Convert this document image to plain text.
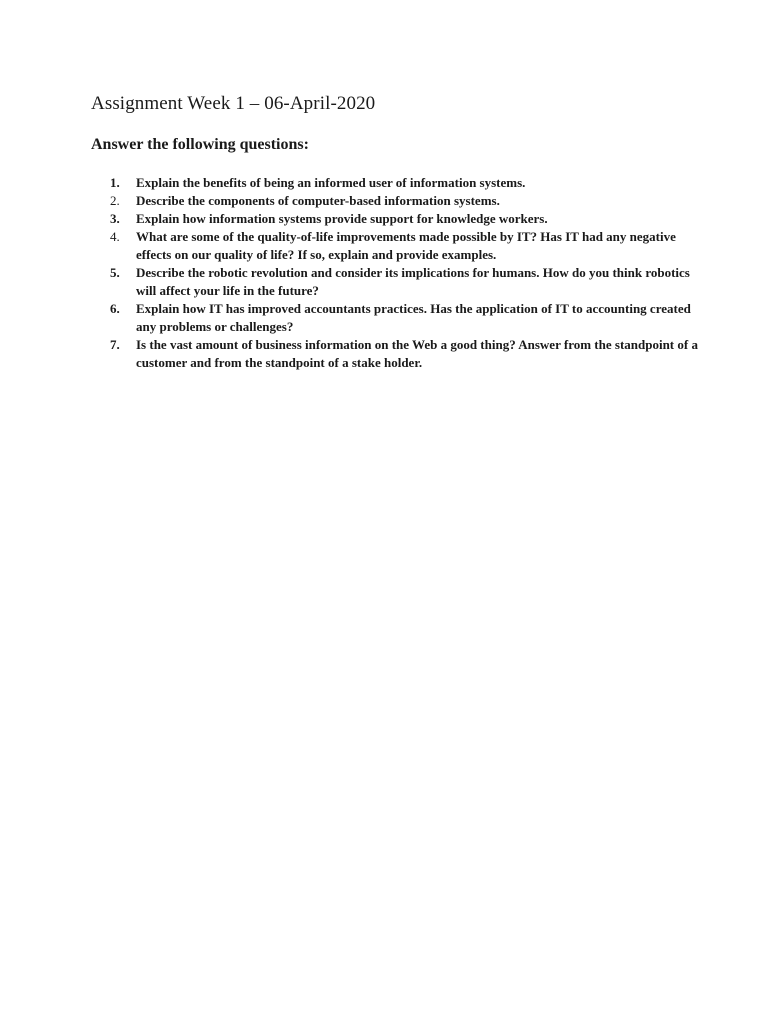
Assignment Week 1 – 06-April-2020
Answer the following questions:
1.	Explain the benefits of being an informed user of information systems.
2.	Describe the components of computer-based information systems.
3.	Explain how information systems provide support for knowledge workers.
4.	What are some of the quality-of-life improvements made possible by IT? Has IT had any negative effects on our quality of life? If so, explain and provide examples.
5.	Describe the robotic revolution and consider its implications for humans. How do you think robotics will affect your life in the future?
6.	Explain how IT has improved accountants practices. Has the application of IT to accounting created any problems or challenges?
7.	Is the vast amount of business information on the Web a good thing? Answer from the standpoint of a customer and from the standpoint of a stake holder.
